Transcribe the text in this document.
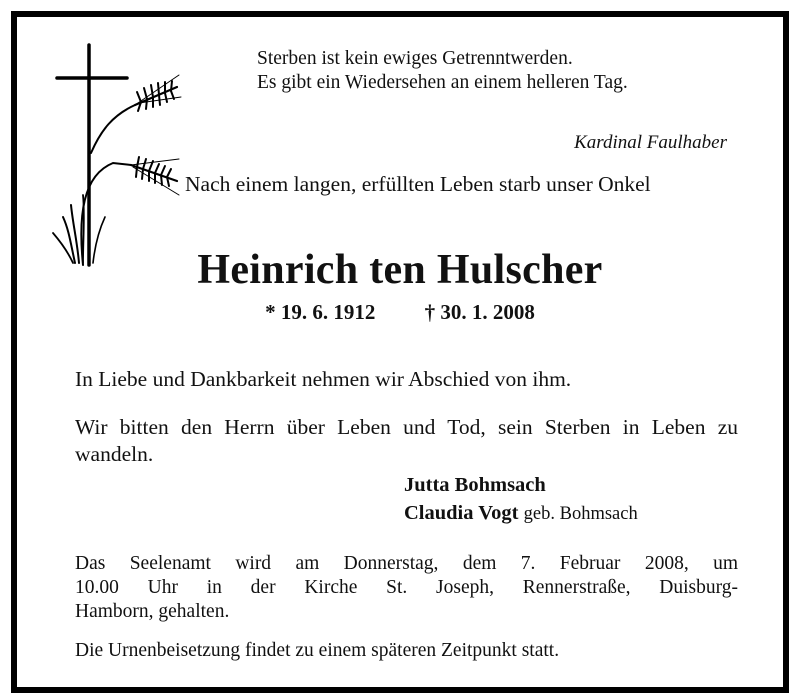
Sterben ist kein ewiges Getrenntwerden.
Es gibt ein Wiedersehen an einem helleren Tag.
Kardinal Faulhaber
Nach einem langen, erfüllten Leben starb unser Onkel
Heinrich ten Hulscher
* 19. 6. 1912 † 30. 1. 2008
In Liebe und Dankbarkeit nehmen wir Abschied von ihm.
Wir bitten den Herrn über Leben und Tod, sein Sterben in Leben zu wandeln.
Jutta Bohmsach
Claudia Vogt geb. Bohmsach
Das Seelenamt wird am Donnerstag, dem 7. Februar 2008, um
10.00 Uhr in der Kirche St. Joseph, Rennerstraße, Duisburg-
Hamborn, gehalten.
Die Urnenbeisetzung findet zu einem späteren Zeitpunkt statt.
